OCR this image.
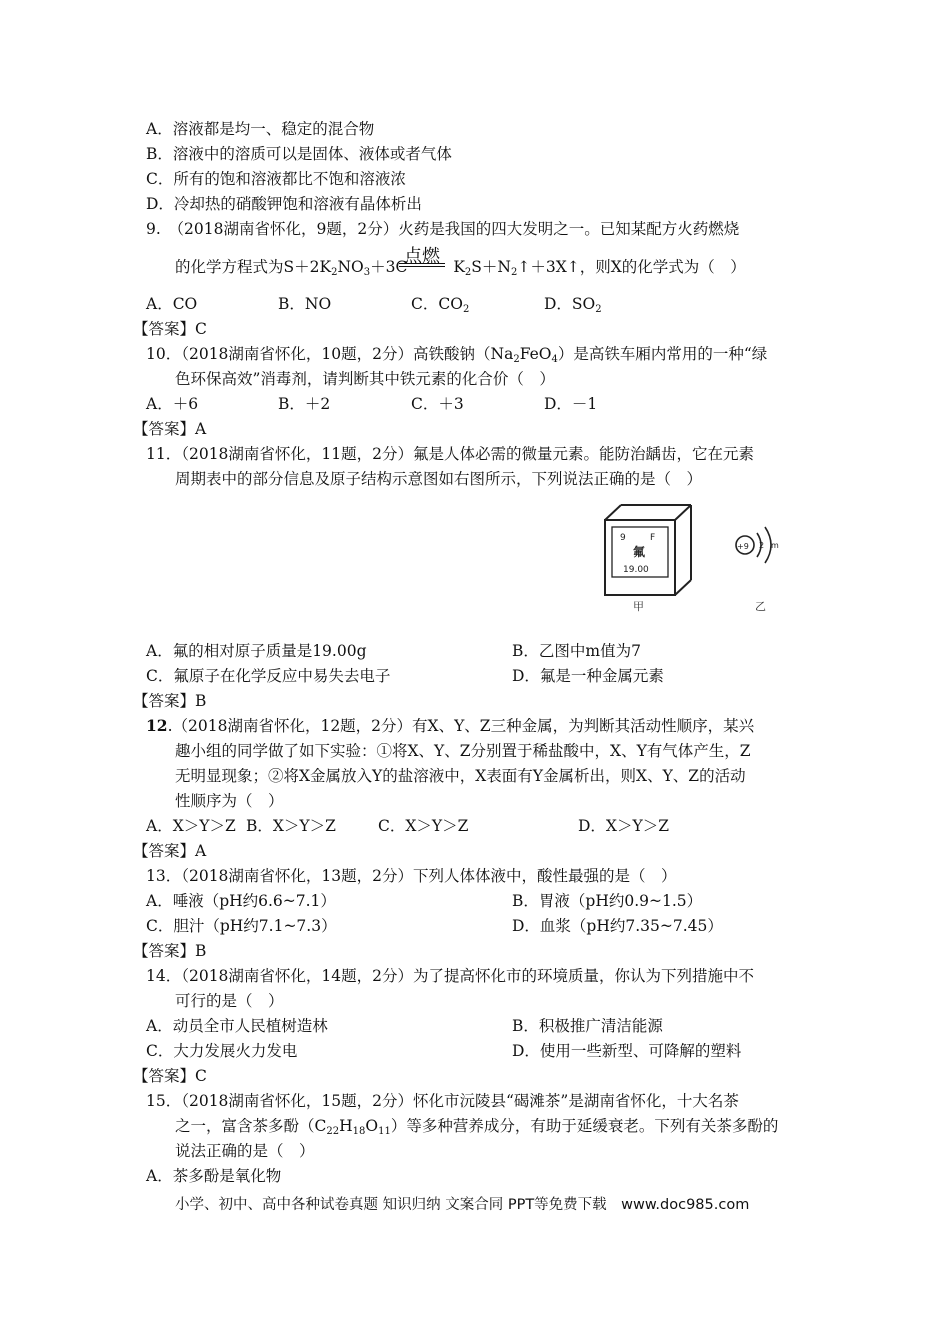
A．溶液都是均一、稳定的混合物
B．溶液中的溶质可以是固体、液体或者气体
C．所有的饱和溶液都比不饱和溶液浓
D．冷却热的硝酸钾饱和溶液有晶体析出
9.　（2018湖南省怀化，9题，2分）火药是我国的四大发明之一。已知某配方火药燃烧
的化学方程式为$S+2K_2NO_3+3C$	$K_2S+N_2↑+3X↑$，则X的化学式为（　）
点燃
A．CO	B．NO	C．$CO_2$	D．$SO_2$
【答案】C
10．（2018湖南省怀化，10题，2分）高铁酸钠$(Na_2FeO_4)$是高铁车厢内常用的一种“绿
色环保高效”消毒剂，请判断其中铁元素的化合价（　）
A．＋6	B．＋2	C．＋3	D．－1
【答案】A
11．（2018湖南省怀化，11题，2分）氟是人体必需的微量元素。能防治龋齿，它在元素
周期表中的部分信息及原子结构示意图如右图所示，下列说法正确的是（　）
9	F
氟
19.00
甲
+9 2 m
乙
A．氟的相对原子质量是19.00g	B．乙图中m值为7
C．氟原子在化学反应中易失去电子	D．氟是一种金属元素
【答案】B
12.（2018湖南省怀化，12题，2分）有X、Y、Z三种金属，为判断其活动性顺序，某兴
趣小组的同学做了如下实验：①将X、Y、Z分别置于稀盐酸中，X、Y有气体产生，Z
无明显现象；②将X金属放入Y的盐溶液中，X表面有Y金属析出，则X、Y、Z的活动
性顺序为（　）
A．X＞Y＞Z B．X＞Y＞Z	C．X＞Y＞Z	D．X＞Y＞Z
【答案】A
13．（2018湖南省怀化，13题，2分）下列人体体液中，酸性最强的是（　）
A．唾液（pH约6.6~7.1）	B．胃液（pH约0.9~1.5）
C．胆汁（pH约7.1~7.3）	D．血浆（pH约7.35~7.45）
【答案】B
14．（2018湖南省怀化，14题，2分）为了提高怀化市的环境质量，你认为下列措施中不
可行的是（　）
A．动员全市人民植树造林	B．积极推广清洁能源
C．大力发展火力发电	D．使用一些新型、可降解的塑料
【答案】C
15．（2018湖南省怀化，15题，2分）怀化市沅陵县“碣滩茶”是湖南省怀化，十大名茶
之一，富含茶多酚$(C_{22}H_{18}O_{11})$等多种营养成分，有助于延缓衰老。下列有关茶多酚的
说法正确的是（　）
A．茶多酚是氧化物
小学、初中、高中各种试卷真题 知识归纳 文案合同 PPT等免费下载　www.doc985.com
